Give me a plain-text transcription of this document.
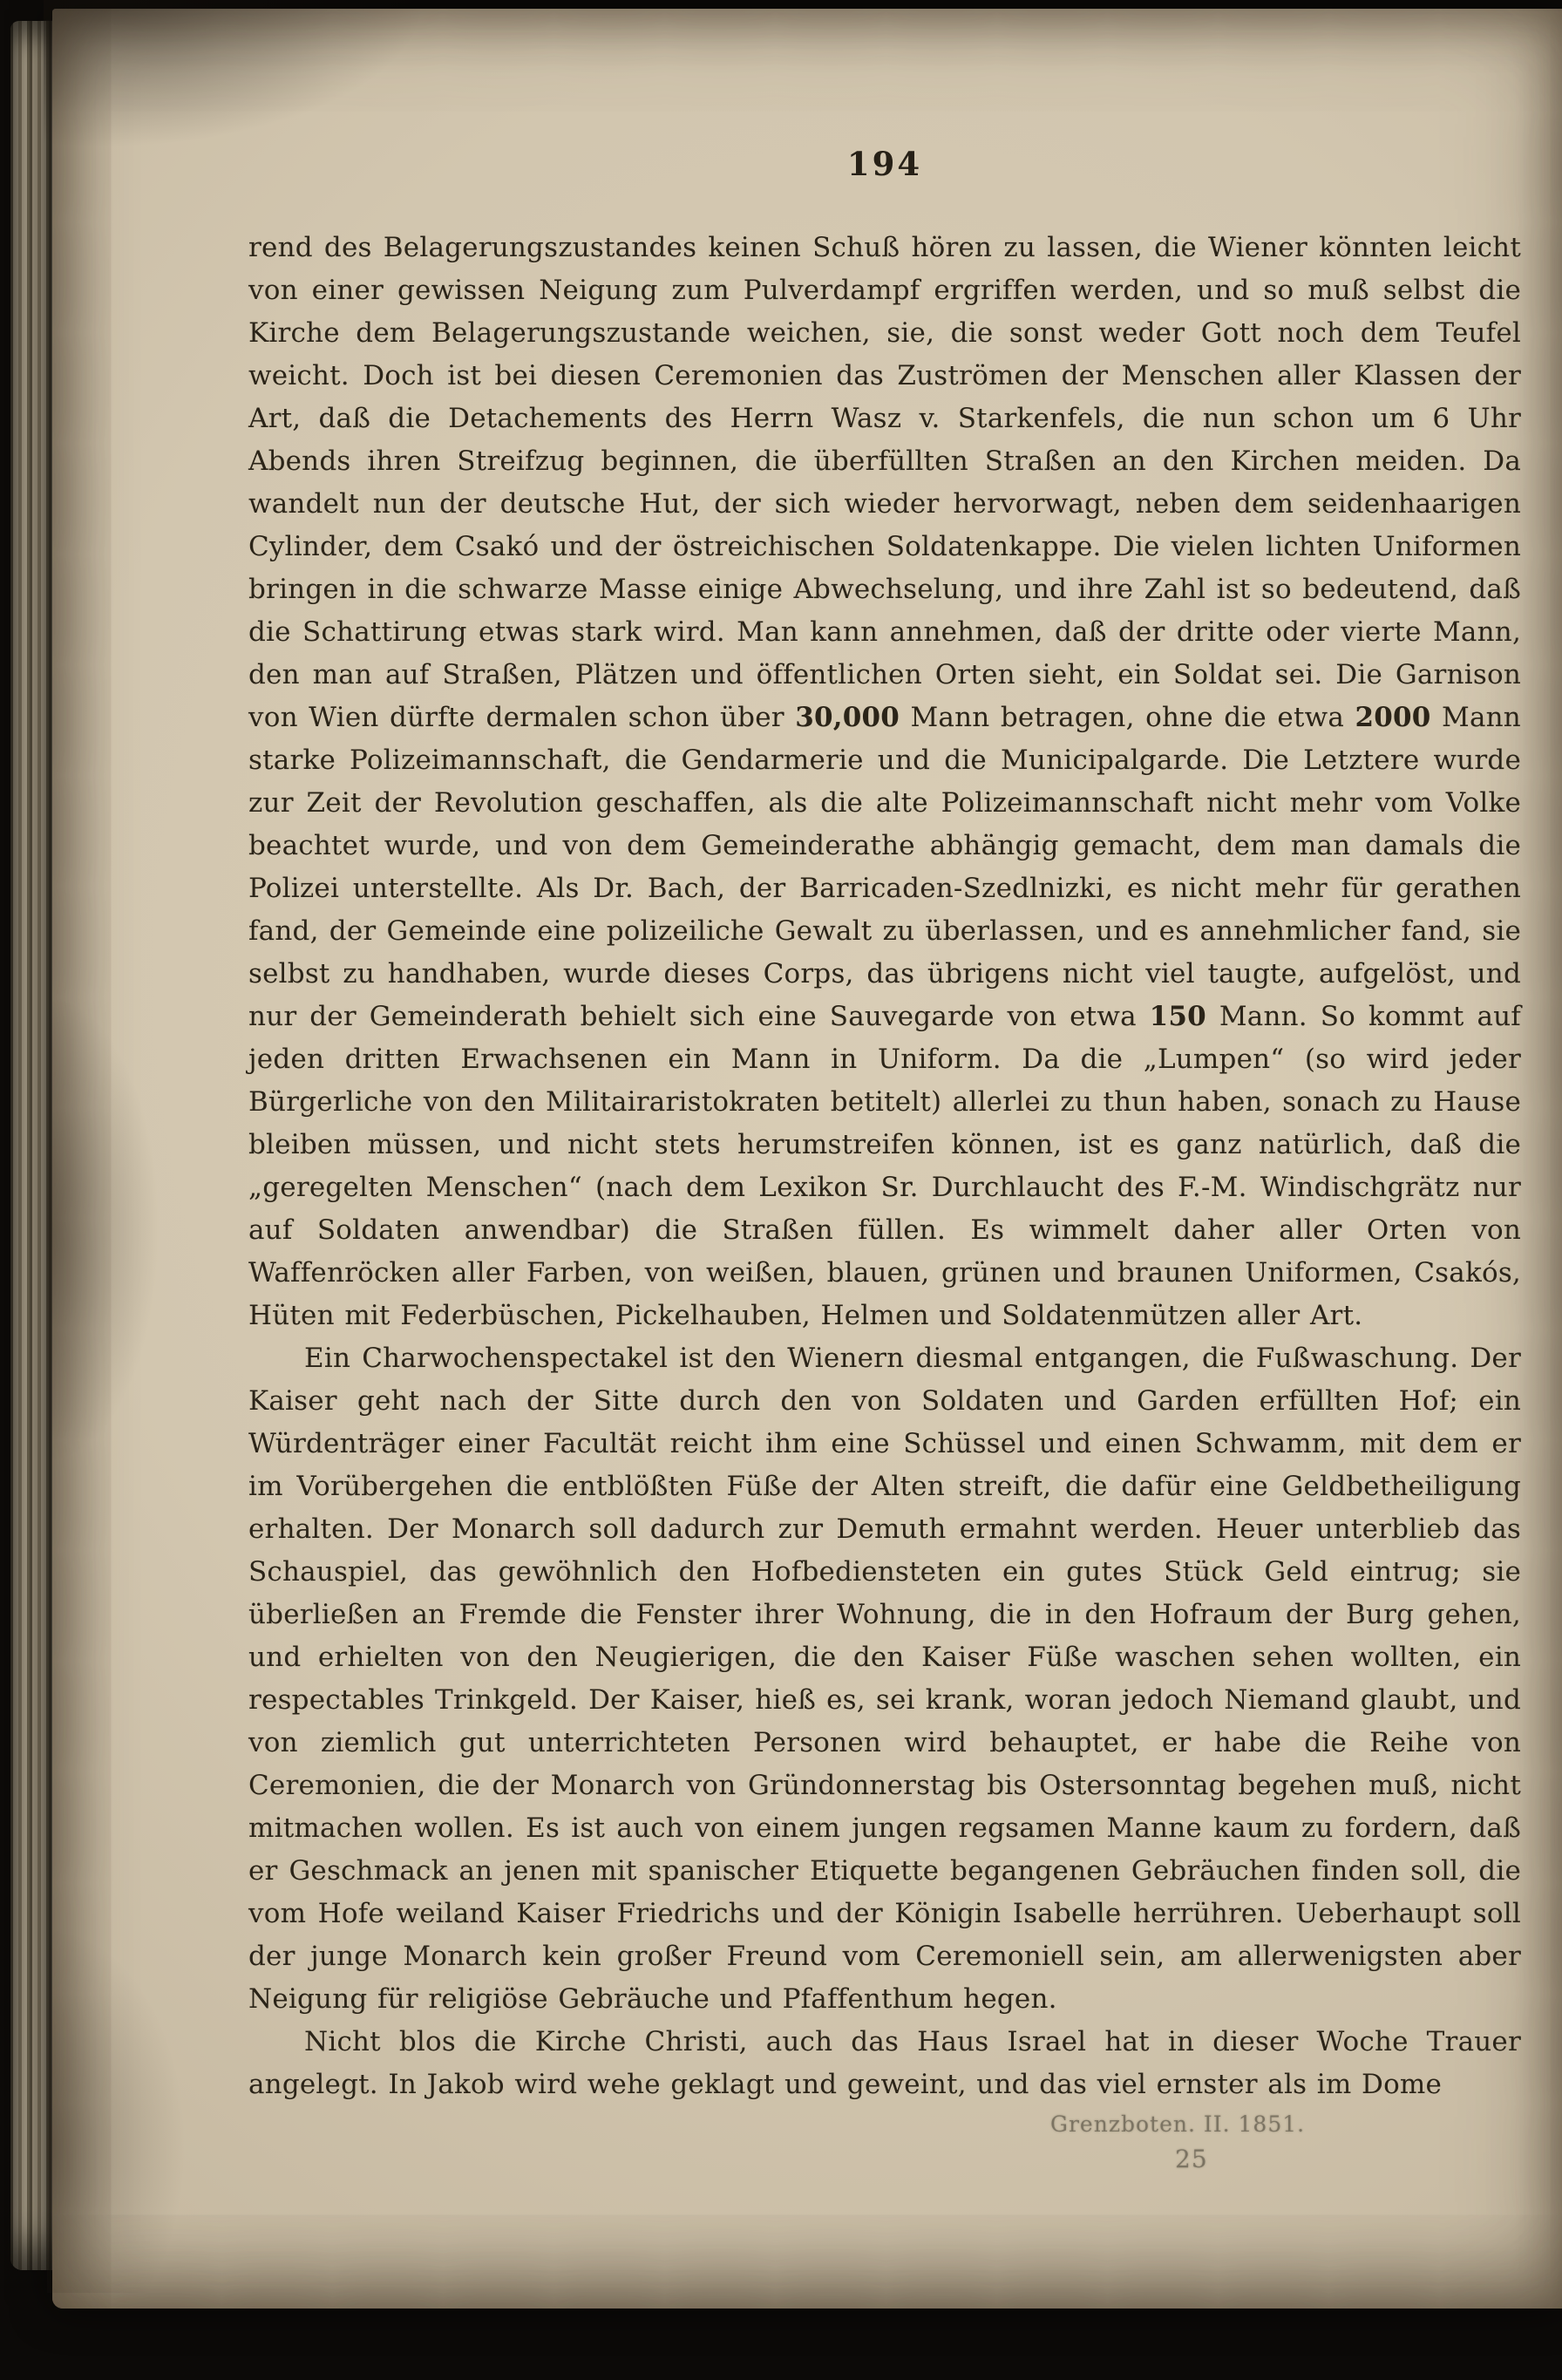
194

rend des Belagerungszustandes keinen Schuß hören zu lassen, die Wiener könnten leicht von einer gewissen Neigung zum Pulverdampf ergriffen werden, und so muß selbst die Kirche dem Belagerungszustande weichen, sie, die sonst weder Gott noch dem Teufel weicht. Doch ist bei diesen Ceremonien das Zuströmen der Menschen aller Klassen der Art, daß die Detachements des Herrn Wasz v. Starkenfels, die nun schon um 6 Uhr Abends ihren Streifzug beginnen, die überfüllten Straßen an den Kirchen meiden. Da wandelt nun der deutsche Hut, der sich wieder hervorwagt, neben dem seidenhaarigen Cylinder, dem Csakó und der östreichischen Soldatenkappe. Die vielen lichten Uniformen bringen in die schwarze Masse einige Abwechselung, und ihre Zahl ist so bedeutend, daß die Schattirung etwas stark wird. Man kann annehmen, daß der dritte oder vierte Mann, den man auf Straßen, Plätzen und öffentlichen Orten sieht, ein Soldat sei. Die Garnison von Wien dürfte dermalen schon über 30,000 Mann betragen, ohne die etwa 2000 Mann starke Polizeimannschaft, die Gendarmerie und die Municipalgarde. Die Letztere wurde zur Zeit der Revolution geschaffen, als die alte Polizeimannschaft nicht mehr vom Volke beachtet wurde, und von dem Gemeinderathe abhängig gemacht, dem man damals die Polizei unterstellte. Als Dr. Bach, der Barricaden-Szedlnizki, es nicht mehr für gerathen fand, der Gemeinde eine polizeiliche Gewalt zu überlassen, und es annehmlicher fand, sie selbst zu handhaben, wurde dieses Corps, das übrigens nicht viel taugte, aufgelöst, und nur der Gemeinderath behielt sich eine Sauvegarde von etwa 150 Mann. So kommt auf jeden dritten Erwachsenen ein Mann in Uniform. Da die „Lumpen“ (so wird jeder Bürgerliche von den Militairaristokraten betitelt) allerlei zu thun haben, sonach zu Hause bleiben müssen, und nicht stets herumstreifen können, ist es ganz natürlich, daß die „geregelten Menschen“ (nach dem Lexikon Sr. Durchlaucht des F.-M. Windischgrätz nur auf Soldaten anwendbar) die Straßen füllen. Es wimmelt daher aller Orten von Waffenröcken aller Farben, von weißen, blauen, grünen und braunen Uniformen, Csakós, Hüten mit Federbüschen, Pickelhauben, Helmen und Soldatenmützen aller Art.

Ein Charwochenspectakel ist den Wienern diesmal entgangen, die Fußwaschung. Der Kaiser geht nach der Sitte durch den von Soldaten und Garden erfüllten Hof; ein Würdenträger einer Facultät reicht ihm eine Schüssel und einen Schwamm, mit dem er im Vorübergehen die entblößten Füße der Alten streift, die dafür eine Geldbetheiligung erhalten. Der Monarch soll dadurch zur Demuth ermahnt werden. Heuer unterblieb das Schauspiel, das gewöhnlich den Hofbediensteten ein gutes Stück Geld eintrug; sie überließen an Fremde die Fenster ihrer Wohnung, die in den Hofraum der Burg gehen, und erhielten von den Neugierigen, die den Kaiser Füße waschen sehen wollten, ein respectables Trinkgeld. Der Kaiser, hieß es, sei krank, woran jedoch Niemand glaubt, und von ziemlich gut unterrichteten Personen wird behauptet, er habe die Reihe von Ceremonien, die der Monarch von Gründonnerstag bis Ostersonntag begehen muß, nicht mitmachen wollen. Es ist auch von einem jungen regsamen Manne kaum zu fordern, daß er Geschmack an jenen mit spanischer Etiquette begangenen Gebräuchen finden soll, die vom Hofe weiland Kaiser Friedrichs und der Königin Isabelle herrühren. Ueberhaupt soll der junge Monarch kein großer Freund vom Ceremoniell sein, am allerwenigsten aber Neigung für religiöse Gebräuche und Pfaffenthum hegen.

Nicht blos die Kirche Christi, auch das Haus Israel hat in dieser Woche Trauer angelegt. In Jakob wird wehe geklagt und geweint, und das viel ernster als im Dome

Grenzboten. II. 1851.
25
